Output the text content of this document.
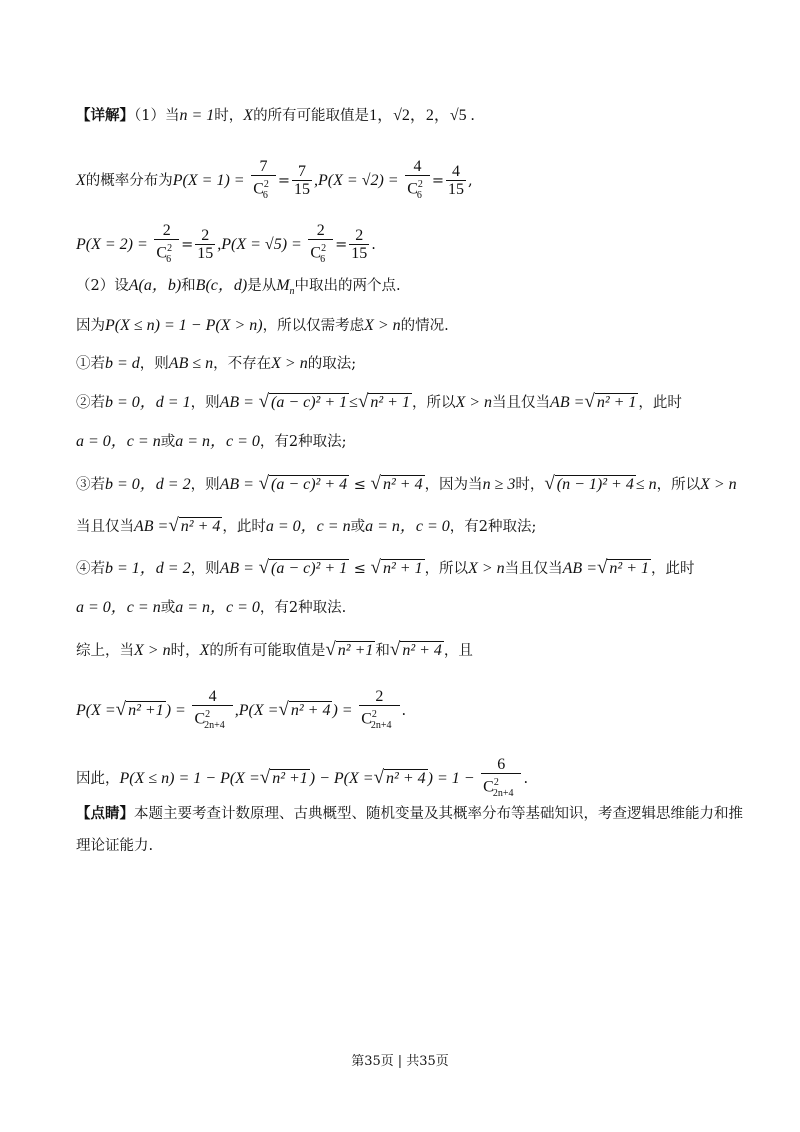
【详解】（1）当n = 1时，X的所有可能取值是1，√2，2，√5 .
X的概率分布为$P(X = 1) = \frac{7}{C^2_6} = \frac{7}{15} ,P(X = √2) = \frac{4}{C^2_6} = \frac{4}{15}$ ,
$P(X = 2) = \frac{2}{C^2_6} = \frac{2}{15} ,P(X = √5) = \frac{2}{C^2_6} = \frac{2}{15}$ .
（2）设A(a，b)和B(c，d)是从$M_n$中取出的两个点.
因为P(X ≤ n) = 1 − P(X > n)，所以仅需考虑X > n的情况.
①若b = d，则AB ≤ n，不存在X > n的取法;
②若b = 0，d = 1，则AB = √ (a − c)² + 1 ≤√ n² + 1 ，所以X > n当且仅当AB =√ n² + 1 ，此时
a = 0，c = n或a = n，c = 0，有2种取法;
③若b = 0，d = 2，则AB = √ (a − c)² + 4 ≤ √ n² + 4 ，因为当n ≥ 3时，√ (n − 1)² + 4 ≤ n，所以X > n
当且仅当AB =√ n² + 4 ，此时a = 0，c = n或a = n，c = 0，有2种取法;
④若b = 1，d = 2，则AB = √ (a − c)² + 1 ≤ √ n² + 1 ，所以X > n当且仅当AB =√ n² + 1 ，此时
a = 0，c = n或a = n，c = 0，有2种取法.
综上，当X > n时，X的所有可能取值是√ n² +1 和√ n² + 4 ，且
P(X =√ n² +1 ) = $\frac{4}{C^2_{2n+4}} ,P(X$ =√ n² + 4 ) = $\frac{2}{C^2_{2n+4}}$ .
因此，P(X ≤ n) = 1 − P(X =√ n² +1 ) − P(X =√ n² + 4 ) = $1 - \frac{6}{C^2_{2n+4}}$ .
【点睛】本题主要考查计数原理、古典概型、随机变量及其概率分布等基础知识，考查逻辑思维能力和推
理论证能力.
第35页 | 共35页
